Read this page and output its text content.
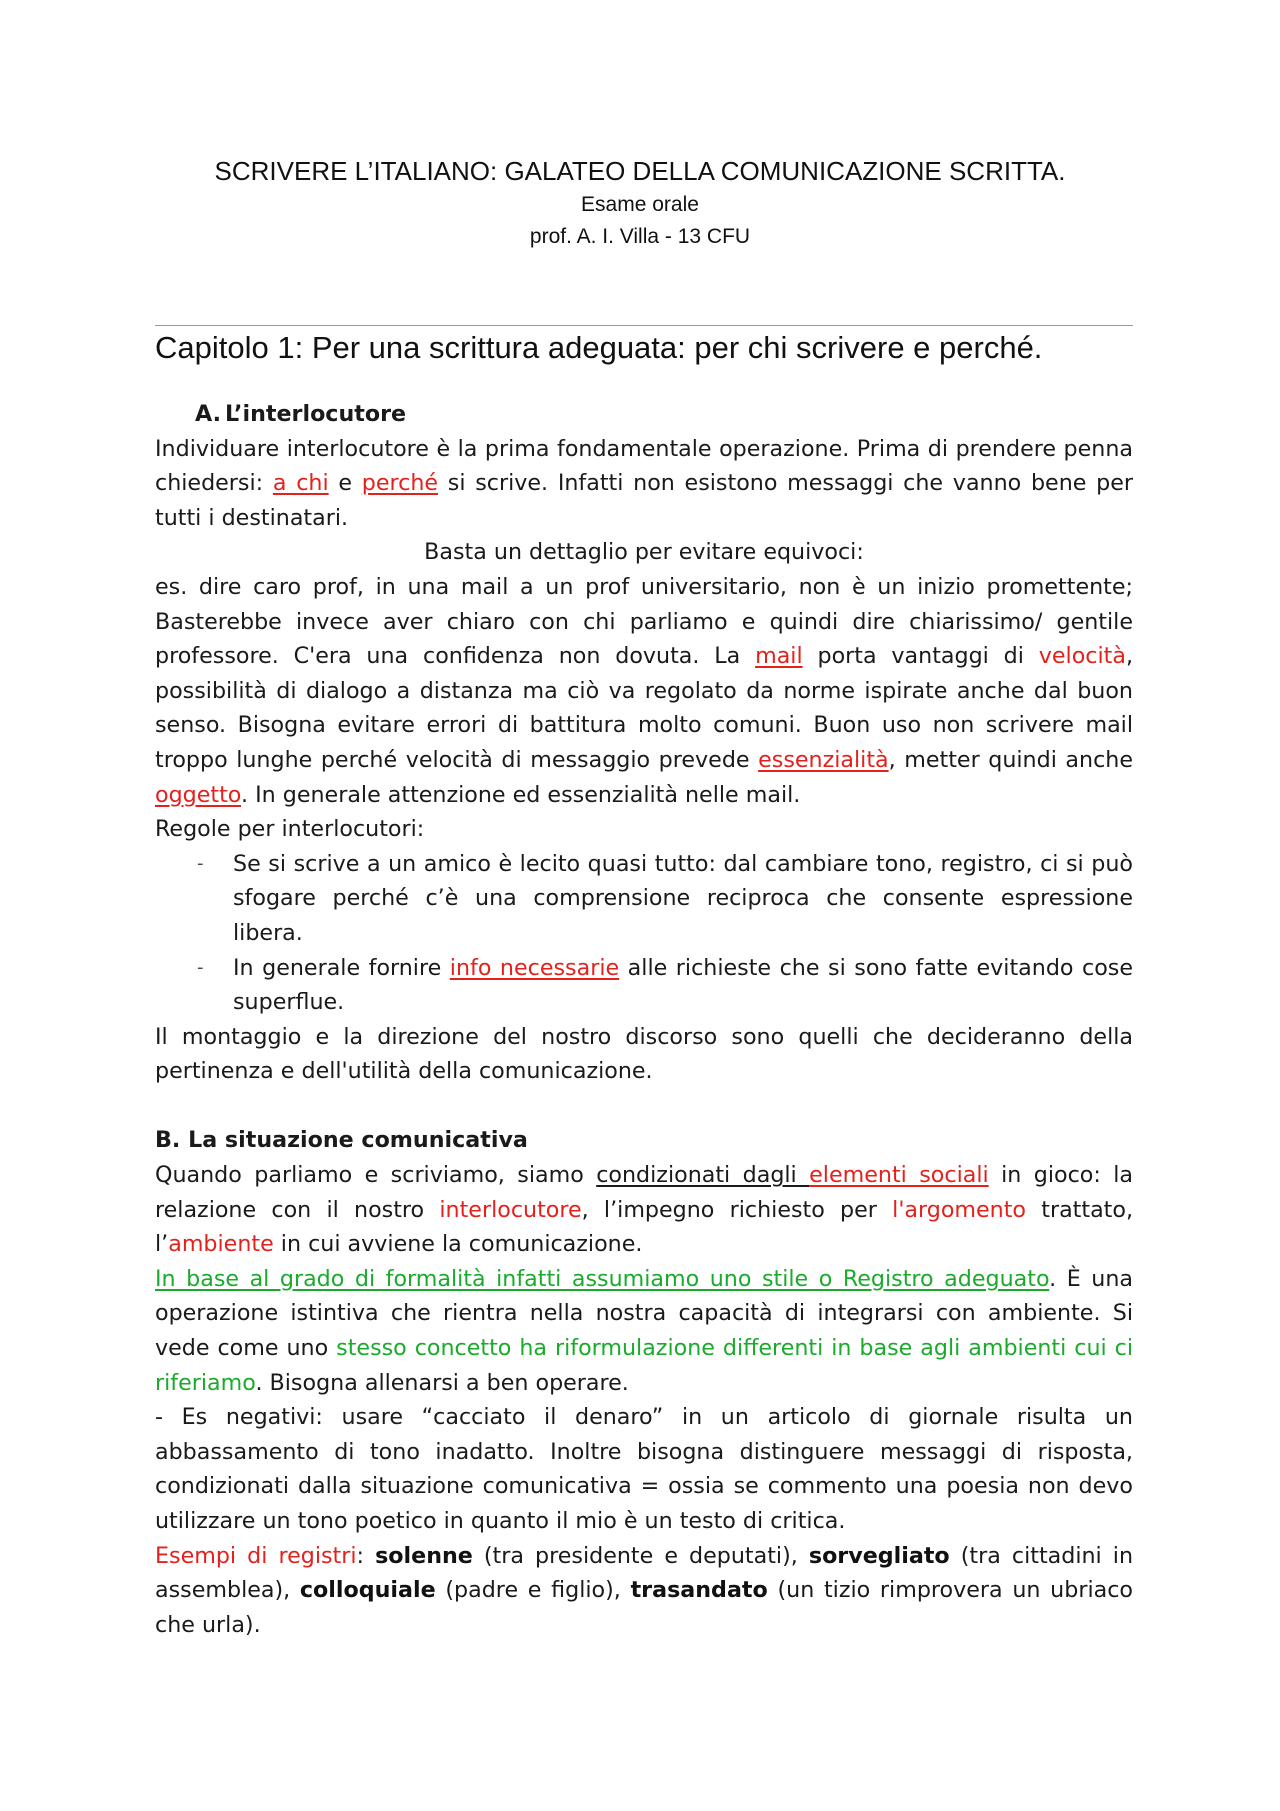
SCRIVERE L’ITALIANO: GALATEO DELLA COMUNICAZIONE SCRITTA.
Esame orale
prof. A. I. Villa - 13 CFU
Capitolo 1: Per una scrittura adeguata: per chi scrivere e perché.

A. L’interlocutore

Individuare interlocutore è la prima fondamentale operazione. Prima di prendere penna chiedersi: a chi e perché si scrive. Infatti non esistono messaggi che vanno bene per tutti i destinatari.

Basta un dettaglio per evitare equivoci:

es. dire caro prof, in una mail a un prof universitario, non è un inizio promettente; Basterebbe invece aver chiaro con chi parliamo e quindi dire chiarissimo/ gentile professore. C'era una confidenza non dovuta. La mail porta vantaggi di velocità, possibilità di dialogo a distanza ma ciò va regolato da norme ispirate anche dal buon senso. Bisogna evitare errori di battitura molto comuni. Buon uso non scrivere mail troppo lunghe perché velocità di messaggio prevede essenzialità, metter quindi anche oggetto. In generale attenzione ed essenzialità nelle mail.

Regole per interlocutori:

- Se si scrive a un amico è lecito quasi tutto: dal cambiare tono, registro, ci si può sfogare perché c’è una comprensione reciproca che consente espressione libera.
- In generale fornire info necessarie alle richieste che si sono fatte evitando cose superflue.

Il montaggio e la direzione del nostro discorso sono quelli che decideranno della pertinenza e dell'utilità della comunicazione.

B. La situazione comunicativa

Quando parliamo e scriviamo, siamo condizionati dagli elementi sociali in gioco: la relazione con il nostro interlocutore, l’impegno richiesto per l'argomento trattato, l’ambiente in cui avviene la comunicazione.

In base al grado di formalità infatti assumiamo uno stile o Registro adeguato. È una operazione istintiva che rientra nella nostra capacità di integrarsi con ambiente. Si vede come uno stesso concetto ha riformulazione differenti in base agli ambienti cui ci riferiamo. Bisogna allenarsi a ben operare.

- Es negativi: usare “cacciato il denaro” in un articolo di giornale risulta un abbassamento di tono inadatto. Inoltre bisogna distinguere messaggi di risposta, condizionati dalla situazione comunicativa = ossia se commento una poesia non devo utilizzare un tono poetico in quanto il mio è un testo di critica.

Esempi di registri: solenne (tra presidente e deputati), sorvegliato (tra cittadini in assemblea), colloquiale (padre e figlio), trasandato (un tizio rimprovera un ubriaco che urla).
